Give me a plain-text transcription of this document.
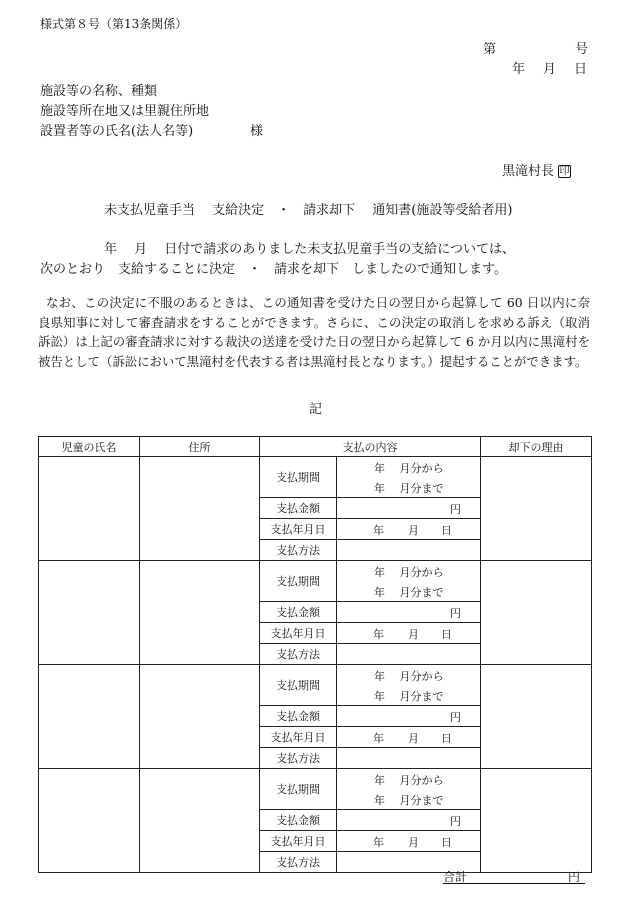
様式第８号（第13条関係）
第	号
年 月 日
施設等の名称、種類
施設等所在地又は里親住所地
設置者等の氏名(法人名等)	様
黒滝村長 印
未支払児童手当　 支給決定　・　請求却下　 通知書(施設等受給者用)
年　 月　 日付で請求のありました未支払児童手当の支給については、
次のとおり　支給することに決定　・　請求を却下　しましたので通知します。
なお、この決定に不服のあるときは、この通知書を受けた日の翌日から起算して 60 日以内に奈良県知事に対して審査請求をすることができます。さらに、この決定の取消しを求める訴え（取消訴訟）は上記の審査請求に対する裁決の送達を受けた日の翌日から起算して 6 か月以内に黒滝村を被告として（訴訟において黒滝村を代表する者は黒滝村長となります。）提起することができます。
記
児童の氏名	住所	支払の内容		却下の理由
		支払期間	年　 月分から	

			年　 月分まで	

		支払金額	円	

		支払年月日	年 月 日	

		支払方法		
		支払期間	年　 月分から	

			年　 月分まで	

		支払金額	円	

		支払年月日	年 月 日	

		支払方法		
		支払期間	年　 月分から	

			年　 月分まで	

		支払金額	円	

		支払年月日	年 月 日	

		支払方法		
		支払期間	年　 月分から	

			年　 月分まで	

		支払金額	円	

		支払年月日	年 月 日	

		支払方法		
合計	円
